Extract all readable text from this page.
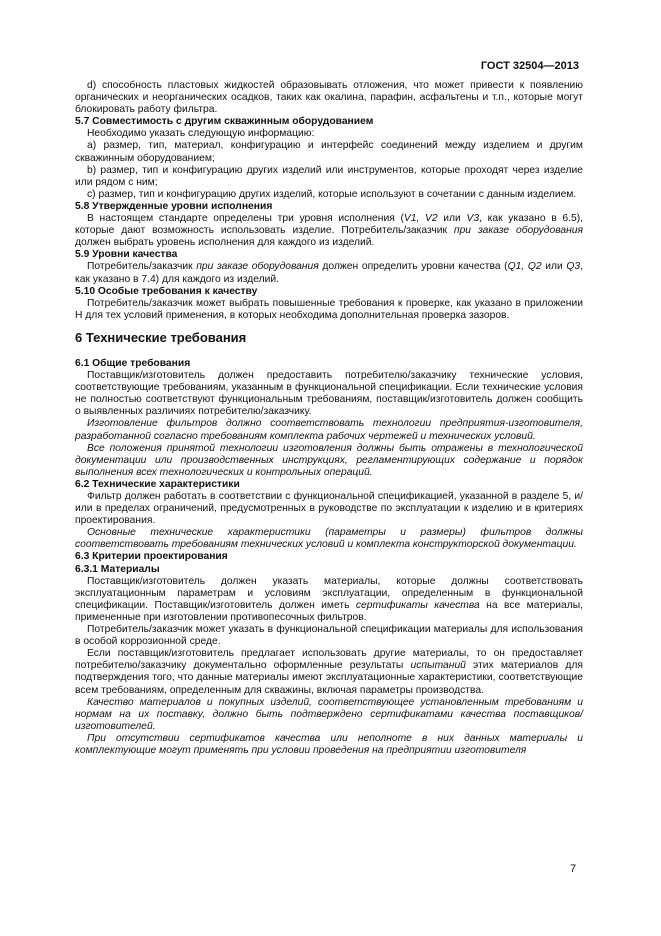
ГОСТ 32504—2013
d) способность пластовых жидкостей образовывать отложения, что может привести к появлению органических и неорганических осадков, таких как окалина, парафин, асфальтены и т.п., которые могут блокировать работу фильтра.
5.7 Совместимость с другим скважинным оборудованием
Необходимо указать следующую информацию:
а) размер, тип, материал, конфигурацию и интерфейс соединений между изделием и другим скважинным оборудованием;
b) размер, тип и конфигурацию других изделий или инструментов, которые проходят через изделие или рядом с ним;
c) размер, тип и конфигурацию других изделий, которые используют в сочетании с данным изделием.
5.8 Утвержденные уровни исполнения
В настоящем стандарте определены три уровня исполнения (V1, V2 или V3, как указано в 6.5), которые дают возможность использовать изделие. Потребитель/заказчик при заказе оборудования должен выбрать уровень исполнения для каждого из изделий.
5.9 Уровни качества
Потребитель/заказчик при заказе оборудования должен определить уровни качества (Q1, Q2 или Q3, как указано в 7.4) для каждого из изделий.
5.10 Особые требования к качеству
Потребитель/заказчик может выбрать повышенные требования к проверке, как указано в приложении H для тех условий применения, в которых необходима дополнительная проверка зазоров.
6 Технические требования
6.1 Общие требования
Поставщик/изготовитель должен предоставить потребителю/заказчику технические условия, соответствующие требованиям, указанным в функциональной спецификации. Если технические условия не полностью соответствуют функциональным требованиям, поставщик/изготовитель должен сообщить о выявленных различиях потребителю/заказчику.
Изготовление фильтров должно соответствовать технологии предприятия-изготовителя, разработанной согласно требованиям комплекта рабочих чертежей и технических условий.
Все положения принятой технологии изготовления должны быть отражены в технологической документации или производственных инструкциях, регламентирующих содержание и порядок выполнения всех технологических и контрольных операций.
6.2 Технические характеристики
Фильтр должен работать в соответствии с функциональной спецификацией, указанной в разделе 5, и/или в пределах ограничений, предусмотренных в руководстве по эксплуатации к изделию и в критериях проектирования.
Основные технические характеристики (параметры и размеры) фильтров должны соответствовать требованиям технических условий и комплекта конструкторской документации.
6.3 Критерии проектирования
6.3.1 Материалы
Поставщик/изготовитель должен указать материалы, которые должны соответствовать эксплуатационным параметрам и условиям эксплуатации, определенным в функциональной спецификации. Поставщик/изготовитель должен иметь сертификаты качества на все материалы, примененные при изготовлении противопесочных фильтров.
Потребитель/заказчик может указать в функциональной спецификации материалы для использования в особой коррозионной среде.
Если поставщик/изготовитель предлагает использовать другие материалы, то он предоставляет потребителю/заказчику документально оформленные результаты испытаний этих материалов для подтверждения того, что данные материалы имеют эксплуатационные характеристики, соответствующие всем требованиям, определенным для скважины, включая параметры производства.
Качество материалов и покупных изделий, соответствующее установленным требованиям и нормам на их поставку, должно быть подтверждено сертификатами качества поставщиков/изготовителей.
При отсутствии сертификатов качества или неполноте в них данных материалы и комплектующие могут применять при условии проведения на предприятии изготовителя
7
